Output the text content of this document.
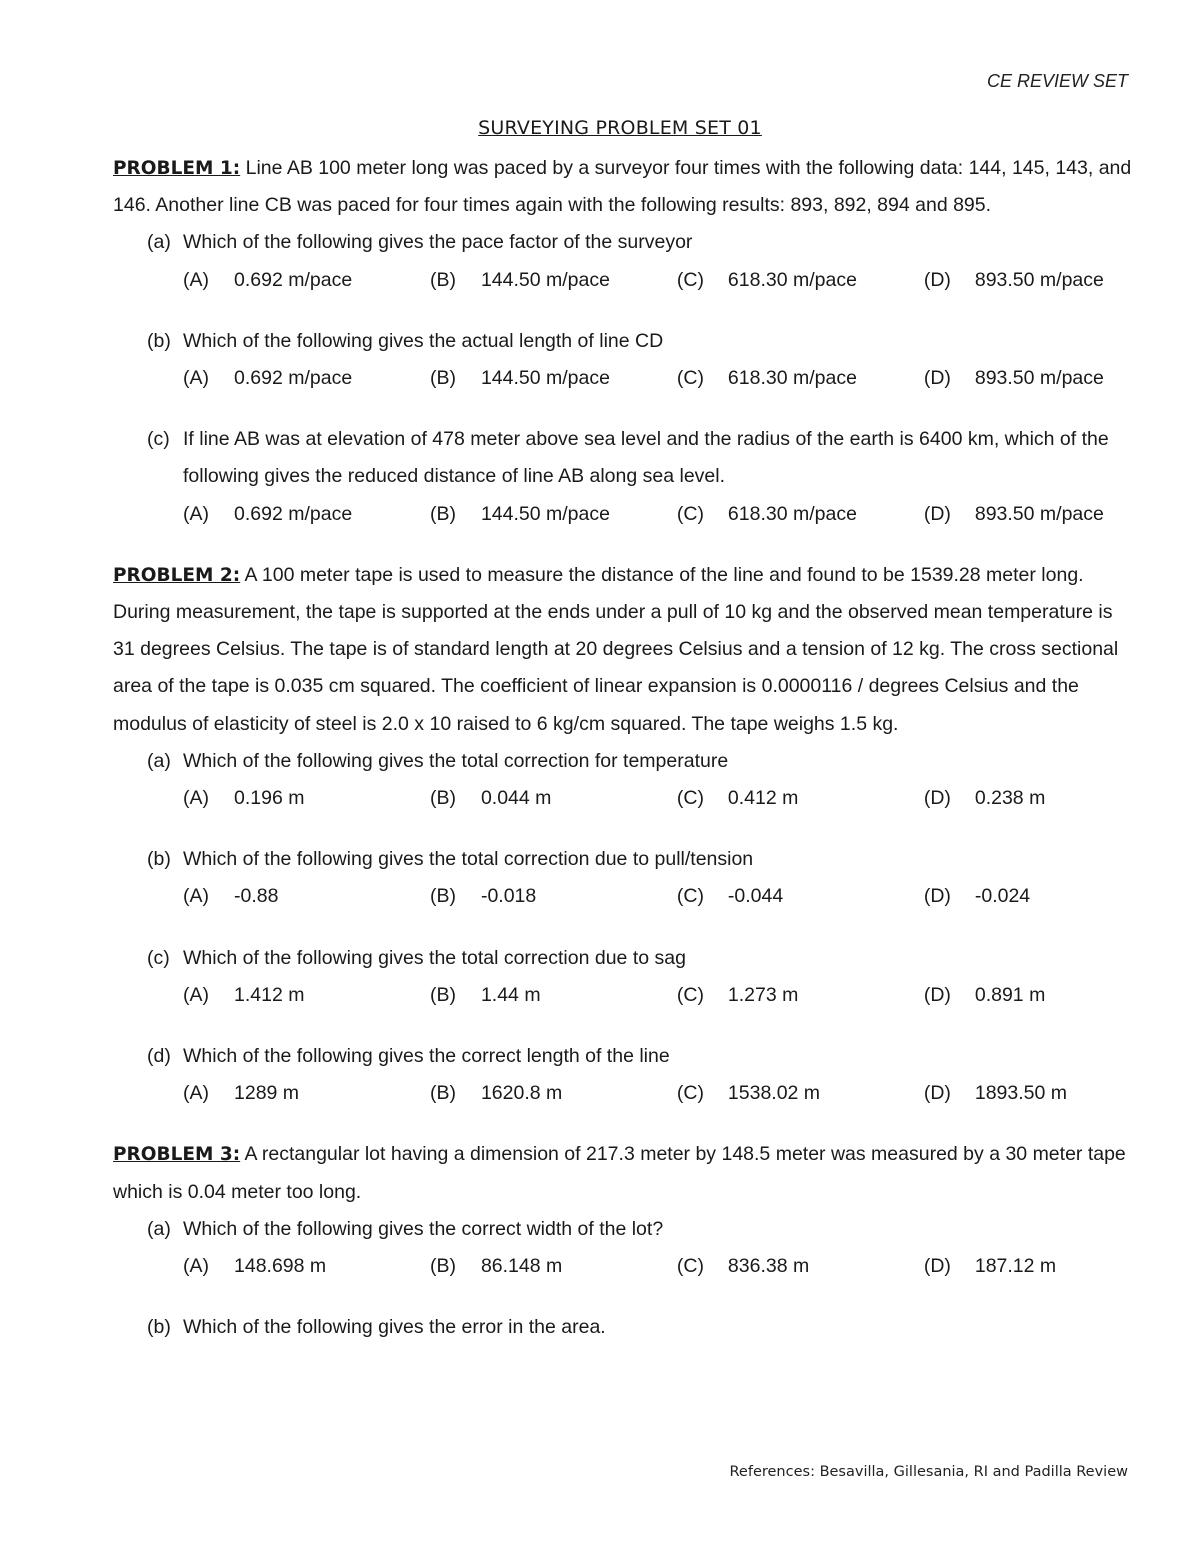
CE REVIEW SET
SURVEYING PROBLEM SET 01

PROBLEM 1: Line AB 100 meter long was paced by a surveyor four times with the following data: 144, 145, 143, and 146. Another line CB was paced for four times again with the following results: 893, 892, 894 and 895.

(a) Which of the following gives the pace factor of the surveyor
(A)	0.692 m/pace	(B)	144.50 m/pace	(C)	618.30 m/pace	(D)	893.50 m/pace
(b) Which of the following gives the actual length of line CD
(A)	0.692 m/pace	(B)	144.50 m/pace	(C)	618.30 m/pace	(D)	893.50 m/pace
(c) If line AB was at elevation of 478 meter above sea level and the radius of the earth is 6400 km, which of the following gives the reduced distance of line AB along sea level.
(A)	0.692 m/pace	(B)	144.50 m/pace	(C)	618.30 m/pace	(D)	893.50 m/pace

PROBLEM 2: A 100 meter tape is used to measure the distance of the line and found to be 1539.28 meter long. During measurement, the tape is supported at the ends under a pull of 10 kg and the observed mean temperature is 31 degrees Celsius. The tape is of standard length at 20 degrees Celsius and a tension of 12 kg. The cross sectional area of the tape is 0.035 cm squared. The coefficient of linear expansion is 0.0000116 / degrees Celsius and the modulus of elasticity of steel is 2.0 x 10 raised to 6 kg/cm squared. The tape weighs 1.5 kg.

(a) Which of the following gives the total correction for temperature
(A)	0.196 m	(B)	0.044 m	(C)	0.412 m	(D)	0.238 m
(b) Which of the following gives the total correction due to pull/tension
(A)	-0.88	(B)	-0.018	(C)	-0.044	(D)	-0.024
(c) Which of the following gives the total correction due to sag
(A)	1.412 m	(B)	1.44 m	(C)	1.273 m	(D)	0.891 m
(d) Which of the following gives the correct length of the line
(A)	1289 m	(B)	1620.8 m	(C)	1538.02 m	(D)	1893.50 m

PROBLEM 3: A rectangular lot having a dimension of 217.3 meter by 148.5 meter was measured by a 30 meter tape which is 0.04 meter too long.

(a) Which of the following gives the correct width of the lot?
(A)	148.698 m	(B)	86.148 m	(C)	836.38 m	(D)	187.12 m
(b) Which of the following gives the error in the area.
References: Besavilla, Gillesania, RI and Padilla Review
